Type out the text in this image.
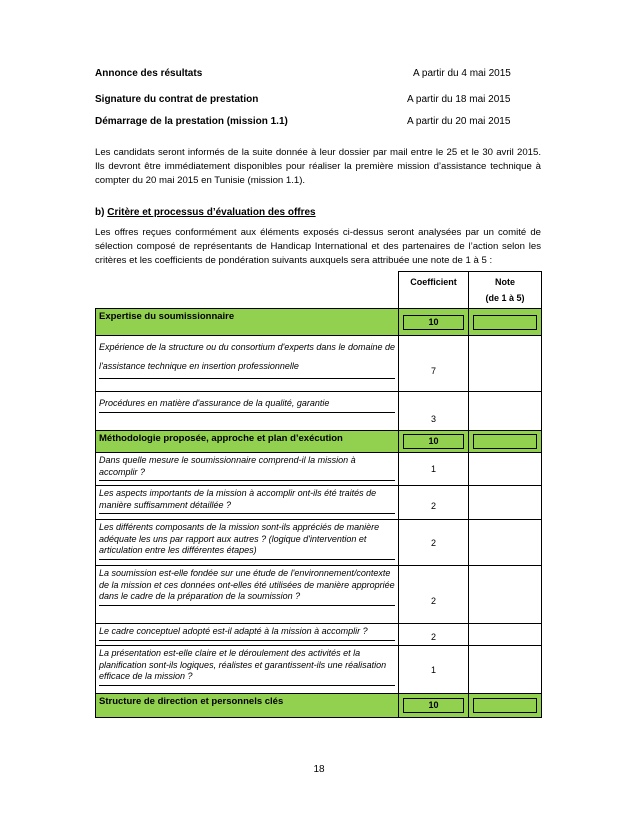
Annonce des résultats	A partir du 4 mai 2015
Signature du contrat de prestation	A partir du 18 mai 2015
Démarrage de la prestation (mission 1.1)	A partir du 20 mai 2015
Les candidats seront informés de la suite donnée à leur dossier par mail entre le 25 et le 30 avril 2015. Ils devront être immédiatement disponibles pour réaliser la première mission d’assistance technique à compter du 20 mai 2015 en Tunisie (mission 1.1).
b) Critère et processus d’évaluation des offres
Les offres reçues conformément aux éléments exposés ci-dessus seront analysées par un comité de sélection composé de représentants de Handicap International et des partenaires de l’action selon les critères et les coefficients de pondération suivants auxquels sera attribuée une note de 1 à 5 :
	Coefficient	Note
(de 1 à 5)

Expertise du soumissionnaire	10	

Expérience de la structure ou du consortium d'experts dans le domaine de l'assistance technique en insertion professionnelle	7	

Procédures en matière d'assurance de la qualité, garantie	3	
Méthodologie proposée, approche et plan d’exécution	10	

Dans quelle mesure le soumissionnaire comprend-il la mission à accomplir ?	1	

Les aspects importants de la mission à accomplir ont-ils été traités de manière suffisamment détaillée ?	2	

Les différents composants de la mission sont-ils appréciés de manière adéquate les uns par rapport aux autres ? (logique d'intervention et articulation entre les différentes étapes)	2	

La soumission est-elle fondée sur une étude de l'environnement/contexte de la mission et ces données ont-elles été utilisées de manière appropriée dans le cadre de la préparation de la soumission ?	2	

Le cadre conceptuel adopté est-il adapté à la mission à accomplir ?	2	

La présentation est-elle claire et le déroulement des activités et la planification sont-ils logiques, réalistes et garantissent-ils une réalisation efficace de la mission ?	1	
Structure de direction et personnels clés	10	

18
